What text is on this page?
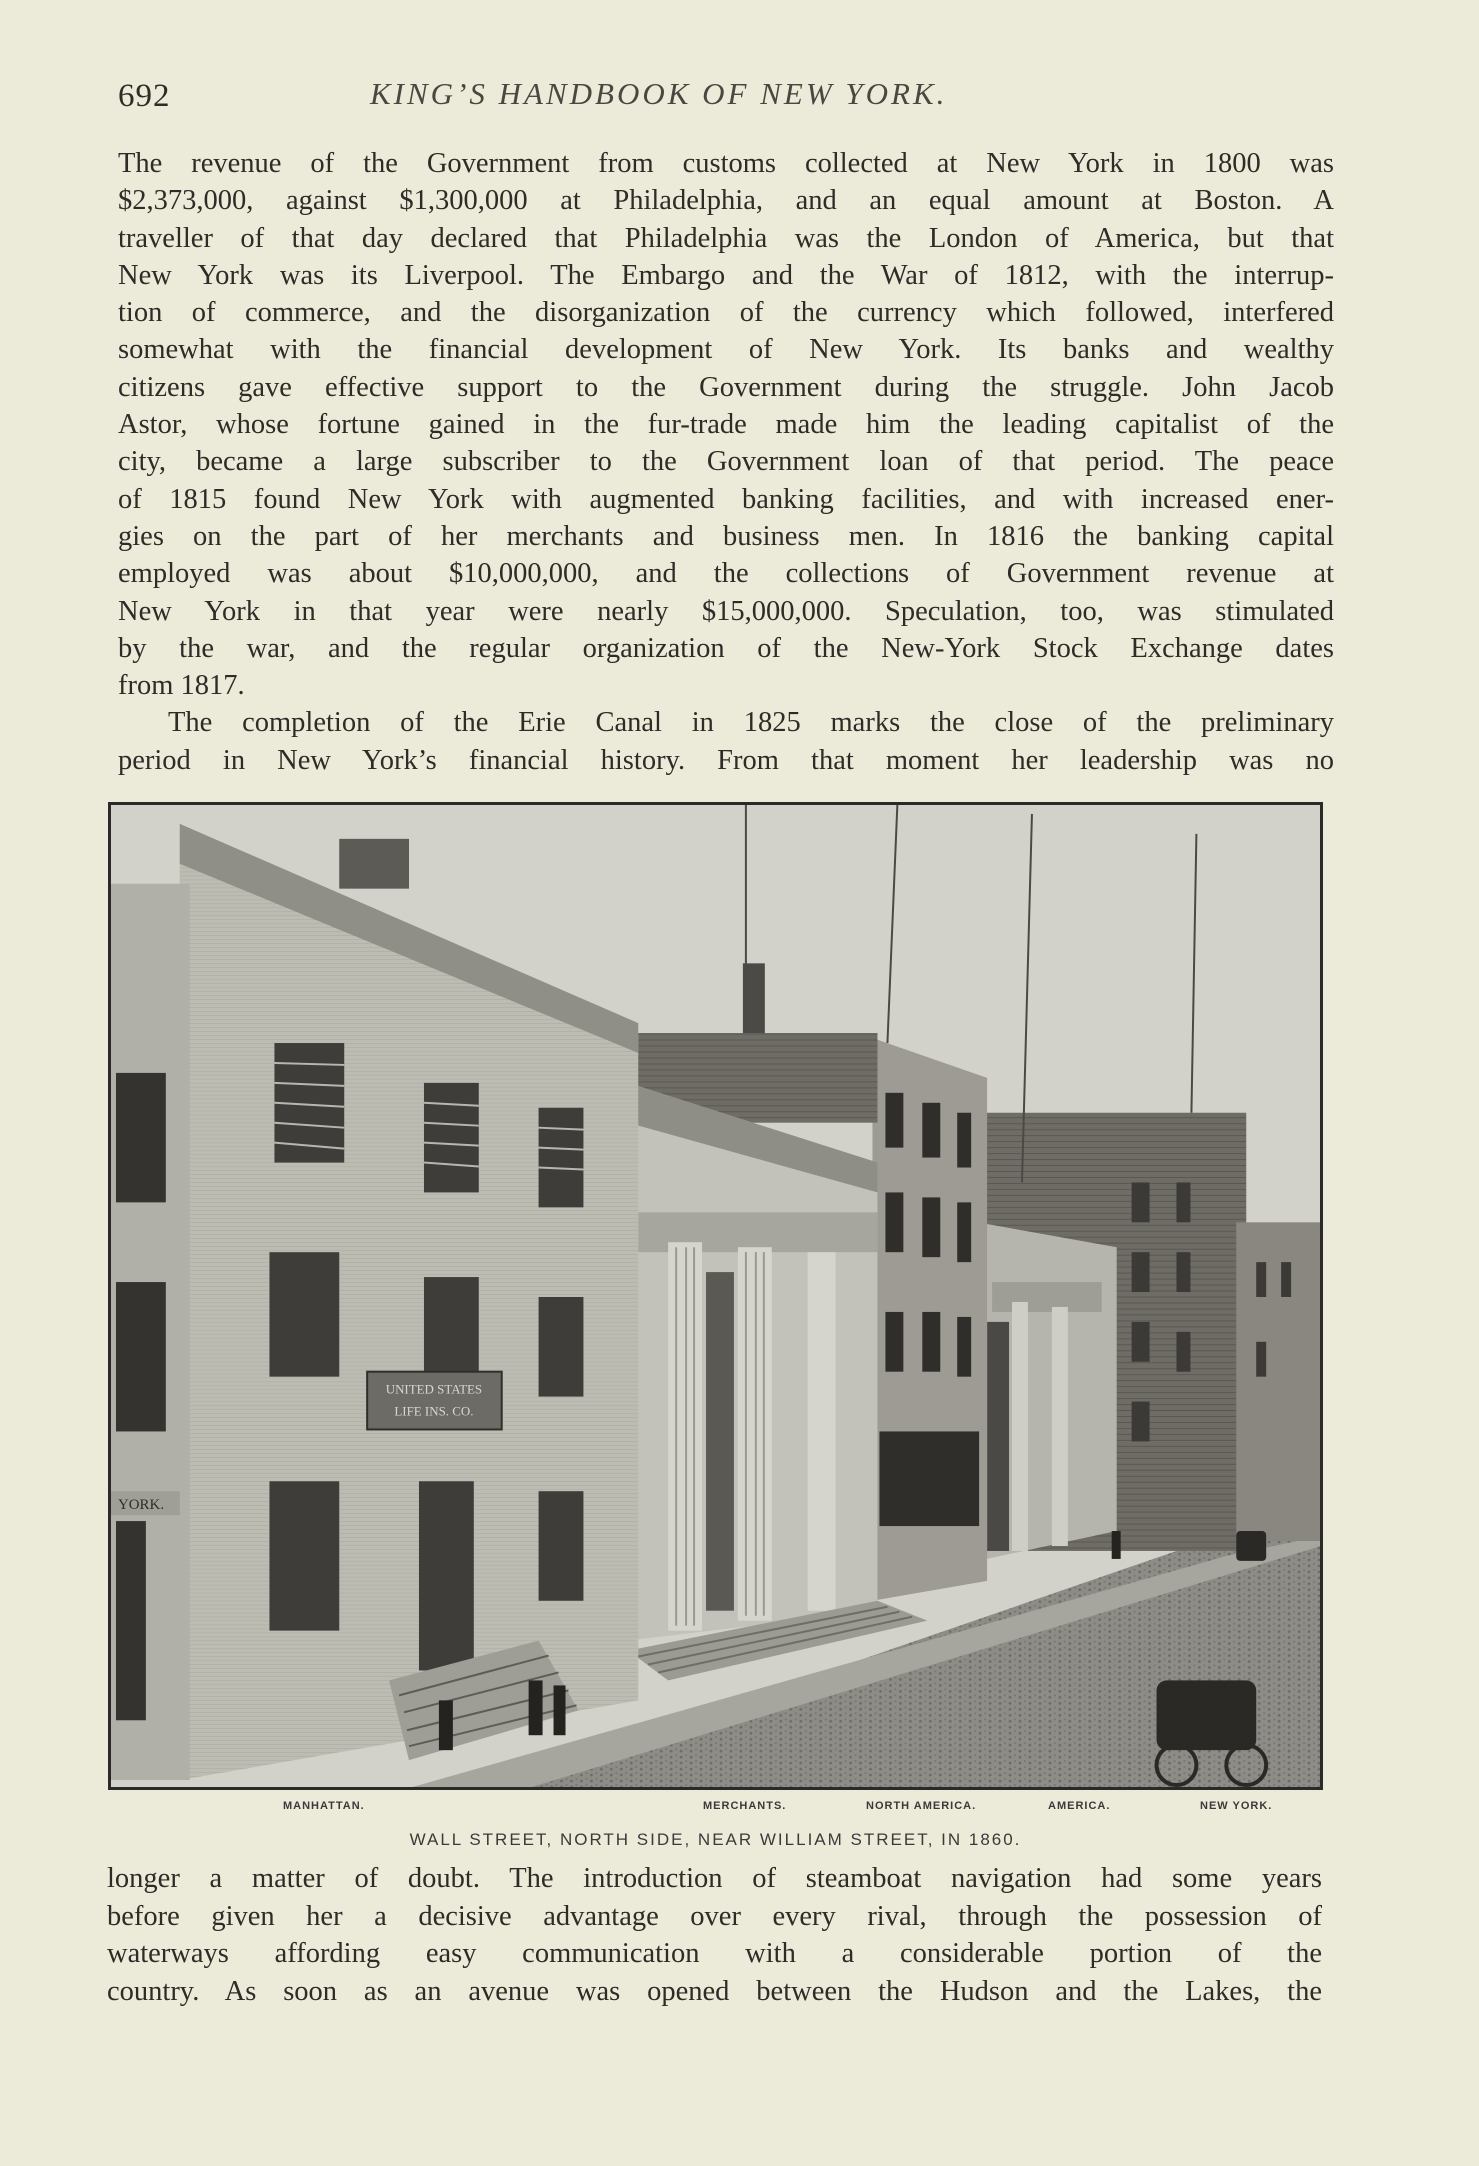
692	KING’S HANDBOOK OF NEW YORK.

The revenue of the Government from customs collected at New York in 1800 was
$2,373,000, against $1,300,000 at Philadelphia, and an equal amount at Boston. A
traveller of that day declared that Philadelphia was the London of America, but that
New York was its Liverpool. The Embargo and the War of 1812, with the interrup-
tion of commerce, and the disorganization of the currency which followed, interfered
somewhat with the financial development of New York. Its banks and wealthy
citizens gave effective support to the Government during the struggle. John Jacob
Astor, whose fortune gained in the fur-trade made him the leading capitalist of the
city, became a large subscriber to the Government loan of that period. The peace
of 1815 found New York with augmented banking facilities, and with increased ener-
gies on the part of her merchants and business men. In 1816 the banking capital
employed was about $10,000,000, and the collections of Government revenue at
New York in that year were nearly $15,000,000. Speculation, too, was stimulated
by the war, and the regular organization of the New-York Stock Exchange dates
from 1817.

The completion of the Erie Canal in 1825 marks the close of the preliminary
period in New York’s financial history. From that moment her leadership was no

UNITED STATES
LIFE INS. CO.
YORK.
MANHATTAN.	MERCHANTS.	NORTH AMERICA.	AMERICA.	NEW YORK.
WALL STREET, NORTH SIDE, NEAR WILLIAM STREET, IN 1860.

longer a matter of doubt. The introduction of steamboat navigation had some years
before given her a decisive advantage over every rival, through the possession of
waterways affording easy communication with a considerable portion of the
country. As soon as an avenue was opened between the Hudson and the Lakes, the
